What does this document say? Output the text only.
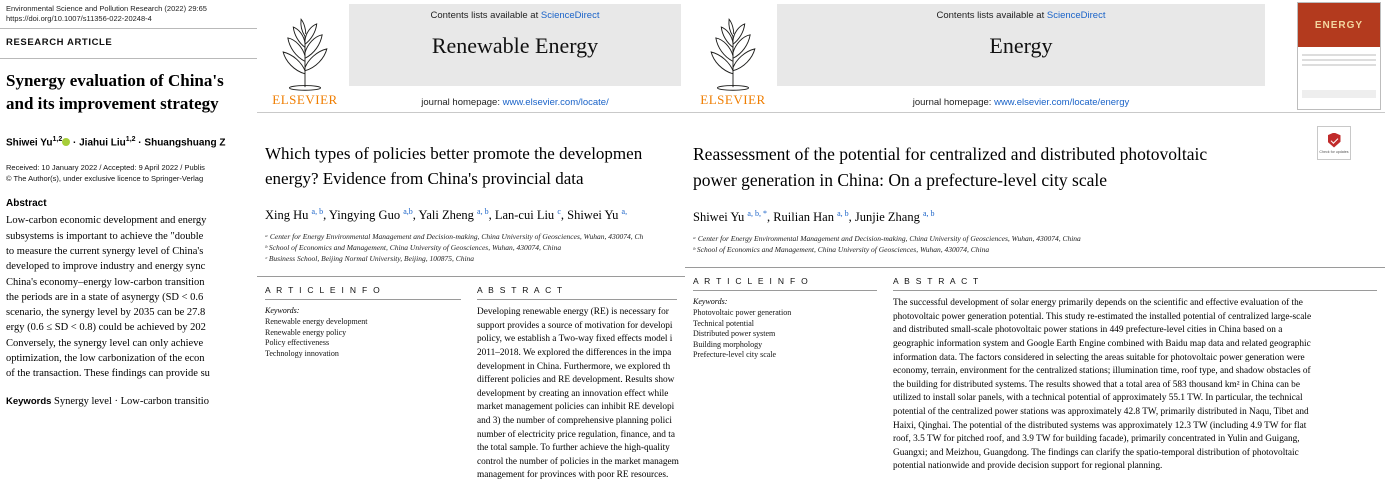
Environmental Science and Pollution Research (2022) 29:65
https://doi.org/10.1007/s11356-022-20248-4
RESEARCH ARTICLE
Synergy evaluation of China's
and its improvement strategy
Shiwei Yu$^{1,2}$ · Jiahui Liu$^{1,2}$ · Shuangshuang Z
Received: 10 January 2022 / Accepted: 9 April 2022 / Publis
© The Author(s), under exclusive licence to Springer-Verlag
Abstract

Low-carbon economic development and energy

subsystems is important to achieve the "double

to measure the current synergy level of China's

developed to improve industry and energy sync

China's economy–energy low-carbon transition

the periods are in a state of asynergy (SD < 0.6

scenario, the synergy level by 2035 can be 27.8

ergy (0.6 ≤ SD < 0.8) could be achieved by 202

Conversely, the synergy level can only achieve

optimization, the low carbonization of the econ

of the transaction. These findings can provide su

Keywords Synergy level · Low-carbon transitio
ELSEVIER
Contents lists available at ScienceDirect
Renewable Energy
journal homepage: www.elsevier.com/locate/
Which types of policies better promote the developmen
energy? Evidence from China's provincial data
Xing Hu $^{a, b}$, Yingying Guo $^{a,b}$, Yali Zheng $^{a, b}$, Lan-cui Liu $^c$, Shiwei Yu $^{a,}$
ᵃ Center for Energy Environmental Management and Decision-making, China University of Geosciences, Wuhan, 430074, Ch
ᵇ School of Economics and Management, China University of Geosciences, Wuhan, 430074, China
ᶜ Business School, Beijing Normal University, Beijing, 100875, China
A R T I C L E I N F O
Keywords:
Renewable energy development
Renewable energy policy
Policy effectiveness
Technology innovation
A B S T R A C T

Developing renewable energy (RE) is necessary for

support provides a source of motivation for developi

policy, we establish a Two-way fixed effects model i

2011–2018. We explored the differences in the impa

development in China. Furthermore, we explored th

different policies and RE development. Results show

development by creating an innovation effect while

market management policies can inhibit RE developi

and 3) the number of comprehensive planning polici

number of electricity price regulation, finance, and ta

the total sample. To further achieve the high-quality

control the number of policies in the market managem

management for provinces with poor RE resources.

ELSEVIER
Contents lists available at ScienceDirect
Energy
journal homepage: www.elsevier.com/locate/energy
ENERGY
Check for updates
Reassessment of the potential for centralized and distributed photovoltaic
power generation in China: On a prefecture-level city scale
Shiwei Yu $^{a, b, *}$, Ruilian Han $^{a, b}$, Junjie Zhang $^{a, b}$
ᵃ Center for Energy Environmental Management and Decision-making, China University of Geosciences, Wuhan, 430074, China
ᵇ School of Economics and Management, China University of Geosciences, Wuhan, 430074, China
A R T I C L E I N F O
Keywords:
Photovoltaic power generation
Technical potential
Distributed power system
Building morphology
Prefecture-level city scale
A B S T R A C T

The successful development of solar energy primarily depends on the scientific and effective evaluation of the

photovoltaic power generation potential. This study re-estimated the installed potential of centralized large-scale

and distributed small-scale photovoltaic power stations in 449 prefecture-level cities in China based on a

geographic information system and Google Earth Engine combined with Baidu map data and related geographic

information data. The factors considered in selecting the areas suitable for photovoltaic power generation were

economy, terrain, environment for the centralized stations; illumination time, roof type, and shadow obstacles of

the building for distributed systems. The results showed that a total area of 583 thousand km² in China can be

utilized to install solar panels, with a technical potential of approximately 55.1 TW. In particular, the technical

potential of the centralized power stations was approximately 42.8 TW, primarily distributed in Naqu, Tibet and

Haixi, Qinghai. The potential of the distributed systems was approximately 12.3 TW (including 4.9 TW for flat

roof, 3.5 TW for pitched roof, and 3.9 TW for building facade), primarily concentrated in Yulin and Guigang,

Guangxi; and Meizhou, Guangdong. The findings can clarify the spatio-temporal distribution of photovoltaic

potential nationwide and provide decision support for regional planning.
